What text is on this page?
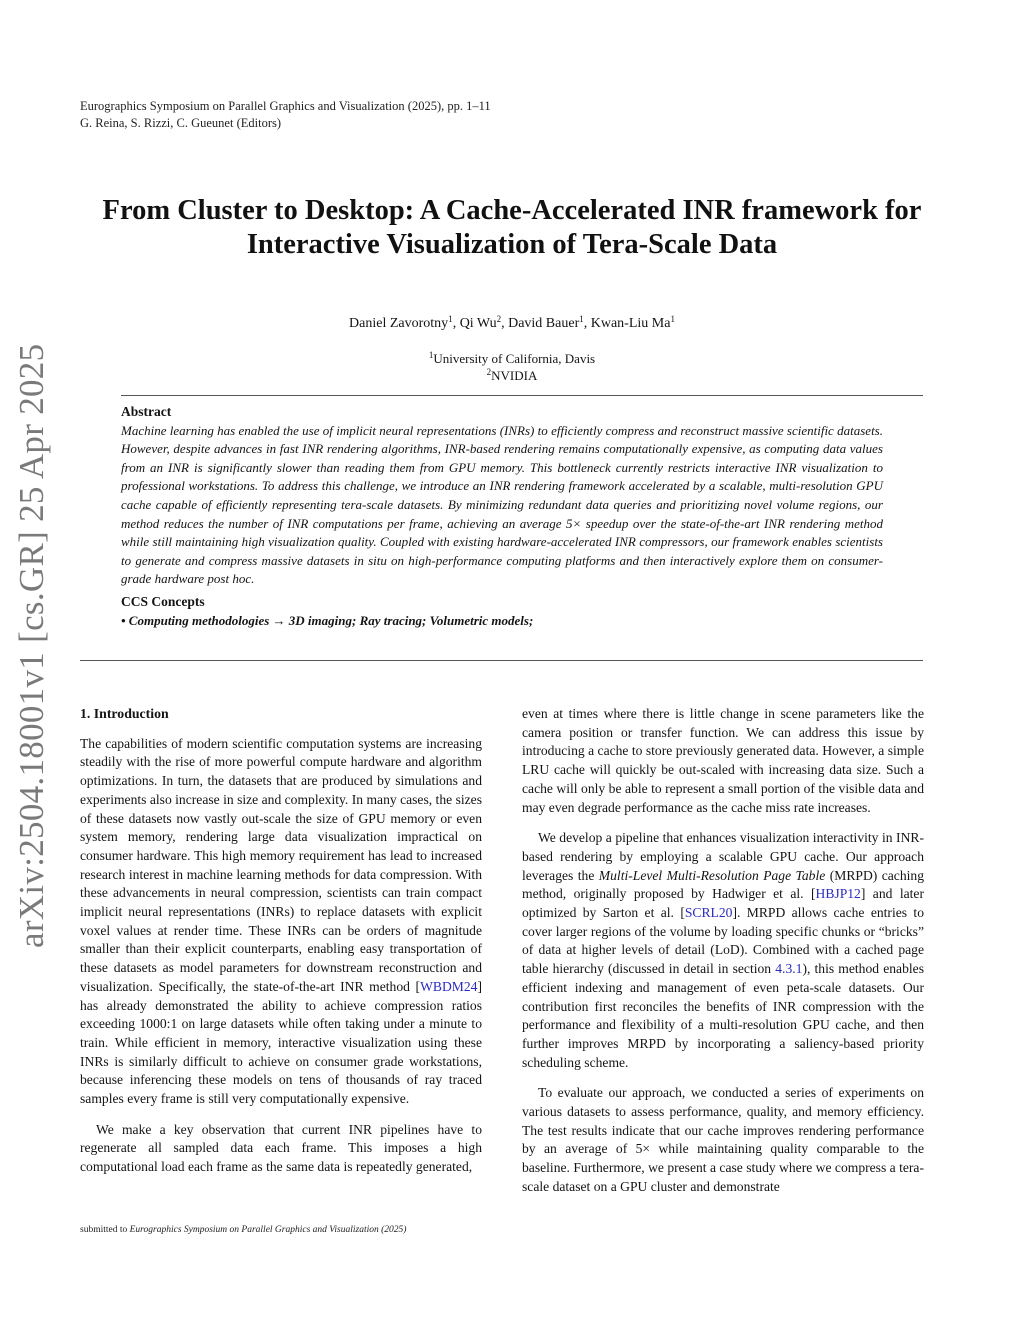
Eurographics Symposium on Parallel Graphics and Visualization (2025), pp. 1–11
G. Reina, S. Rizzi, C. Gueunet (Editors)
From Cluster to Desktop: A Cache-Accelerated INR framework for
Interactive Visualization of Tera-Scale Data
Daniel Zavorotny$^1$, Qi Wu$^2$, David Bauer$^1$, Kwan-Liu Ma$^1$
$^1$University of California, Davis
$^2$NVIDIA
Abstract

Machine learning has enabled the use of implicit neural representations (INRs) to efficiently compress and reconstruct massive scientific datasets. However, despite advances in fast INR rendering algorithms, INR-based rendering remains computationally expensive, as computing data values from an INR is significantly slower than reading them from GPU memory. This bottleneck currently restricts interactive INR visualization to professional workstations. To address this challenge, we introduce an INR rendering framework accelerated by a scalable, multi-resolution GPU cache capable of efficiently representing tera-scale datasets. By minimizing redundant data queries and prioritizing novel volume regions, our method reduces the number of INR computations per frame, achieving an average 5× speedup over the state-of-the-art INR rendering method while still maintaining high visualization quality. Coupled with existing hardware-accelerated INR compressors, our framework enables scientists to generate and compress massive datasets in situ on high-performance computing platforms and then interactively explore them on consumer-grade hardware post hoc.

CCS Concepts

• Computing methodologies → 3D imaging; Ray tracing; Volumetric models;

1. Introduction

The capabilities of modern scientific computation systems are increasing steadily with the rise of more powerful compute hardware and algorithm optimizations. In turn, the datasets that are produced by simulations and experiments also increase in size and complexity. In many cases, the sizes of these datasets now vastly out-scale the size of GPU memory or even system memory, rendering large data visualization impractical on consumer hardware. This high memory requirement has lead to increased research interest in machine learning methods for data compression. With these advancements in neural compression, scientists can train compact implicit neural representations (INRs) to replace datasets with explicit voxel values at render time. These INRs can be orders of magnitude smaller than their explicit counterparts, enabling easy transportation of these datasets as model parameters for downstream reconstruction and visualization. Specifically, the state-of-the-art INR method [WBDM24] has already demonstrated the ability to achieve compression ratios exceeding 1000:1 on large datasets while often taking under a minute to train. While efficient in memory, interactive visualization using these INRs is similarly difficult to achieve on consumer grade workstations, because inferencing these models on tens of thousands of ray traced samples every frame is still very computationally expensive.

We make a key observation that current INR pipelines have to regenerate all sampled data each frame. This imposes a high computational load each frame as the same data is repeatedly generated,

even at times where there is little change in scene parameters like the camera position or transfer function. We can address this issue by introducing a cache to store previously generated data. However, a simple LRU cache will quickly be out-scaled with increasing data size. Such a cache will only be able to represent a small portion of the visible data and may even degrade performance as the cache miss rate increases.

We develop a pipeline that enhances visualization interactivity in INR-based rendering by employing a scalable GPU cache. Our approach leverages the Multi-Level Multi-Resolution Page Table (MRPD) caching method, originally proposed by Hadwiger et al. [HBJP12] and later optimized by Sarton et al. [SCRL20]. MRPD allows cache entries to cover larger regions of the volume by loading specific chunks or “bricks” of data at higher levels of detail (LoD). Combined with a cached page table hierarchy (discussed in detail in section 4.3.1), this method enables efficient indexing and management of even peta-scale datasets. Our contribution first reconciles the benefits of INR compression with the performance and flexibility of a multi-resolution GPU cache, and then further improves MRPD by incorporating a saliency-based priority scheduling scheme.

To evaluate our approach, we conducted a series of experiments on various datasets to assess performance, quality, and memory efficiency. The test results indicate that our cache improves rendering performance by an average of 5× while maintaining quality comparable to the baseline. Furthermore, we present a case study where we compress a tera-scale dataset on a GPU cluster and demonstrate

submitted to Eurographics Symposium on Parallel Graphics and Visualization (2025)
arXiv:2504.18001v1 [cs.GR] 25 Apr 2025
